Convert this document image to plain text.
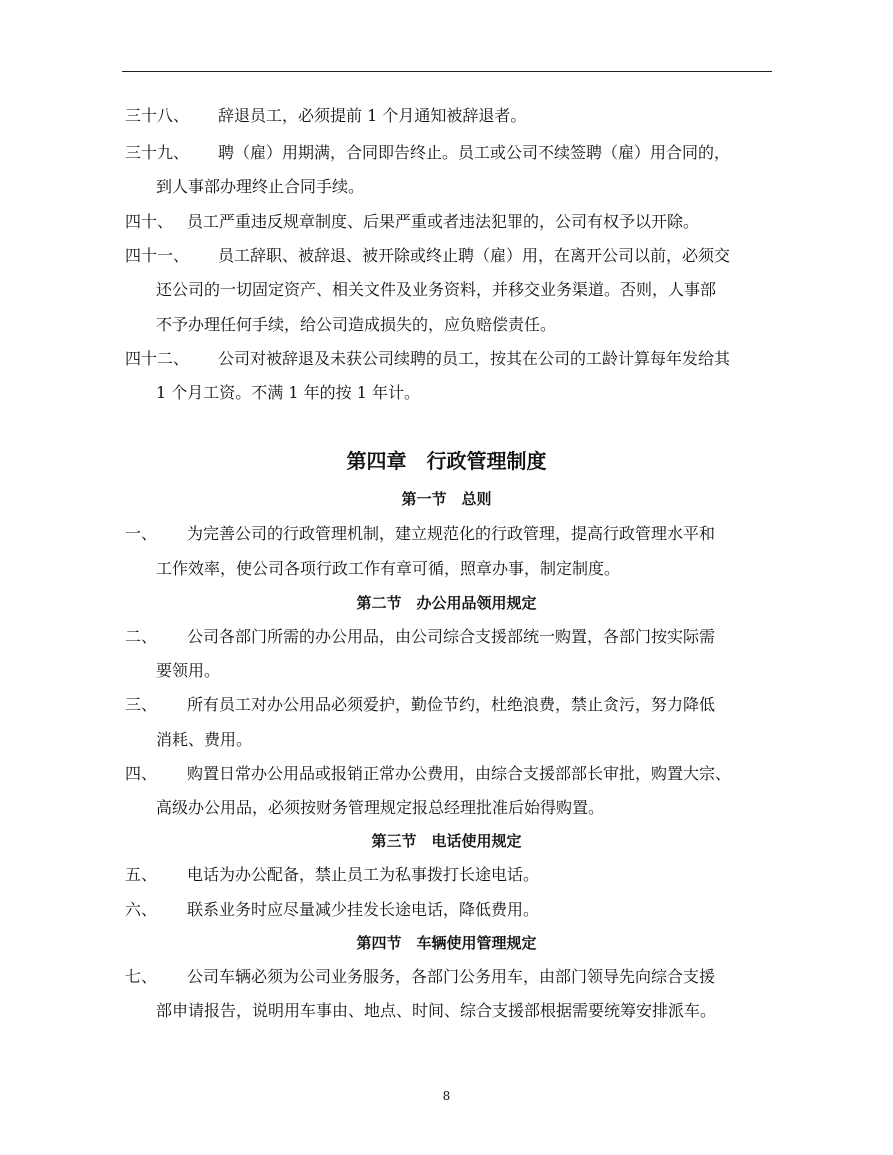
三十八、 辞退员工，必须提前 1 个月通知被辞退者。
三十九、 聘（雇）用期满，合同即告终止。员工或公司不续签聘（雇）用合同的，
到人事部办理终止合同手续。
四十、 员工严重违反规章制度、后果严重或者违法犯罪的，公司有权予以开除。
四十一、 员工辞职、被辞退、被开除或终止聘（雇）用，在离开公司以前，必须交
还公司的一切固定资产、相关文件及业务资料，并移交业务渠道。否则，人事部
不予办理任何手续，给公司造成损失的，应负赔偿责任。
四十二、 公司对被辞退及未获公司续聘的员工，按其在公司的工龄计算每年发给其
1 个月工资。不满 1 年的按 1 年计。
第四章　行政管理制度
第一节　总则
一、 为完善公司的行政管理机制，建立规范化的行政管理，提高行政管理水平和
工作效率，使公司各项行政工作有章可循，照章办事，制定制度。
第二节　办公用品领用规定
二、 公司各部门所需的办公用品，由公司综合支援部统一购置，各部门按实际需
要领用。
三、 所有员工对办公用品必须爱护，勤俭节约，杜绝浪费，禁止贪污，努力降低
消耗、费用。
四、 购置日常办公用品或报销正常办公费用，由综合支援部部长审批，购置大宗、
高级办公用品，必须按财务管理规定报总经理批准后始得购置。
第三节　电话使用规定
五、 电话为办公配备，禁止员工为私事拨打长途电话。
六、 联系业务时应尽量减少挂发长途电话，降低费用。
第四节　车辆使用管理规定
七、 公司车辆必须为公司业务服务，各部门公务用车，由部门领导先向综合支援
部申请报告，说明用车事由、地点、时间、综合支援部根据需要统筹安排派车。
8
